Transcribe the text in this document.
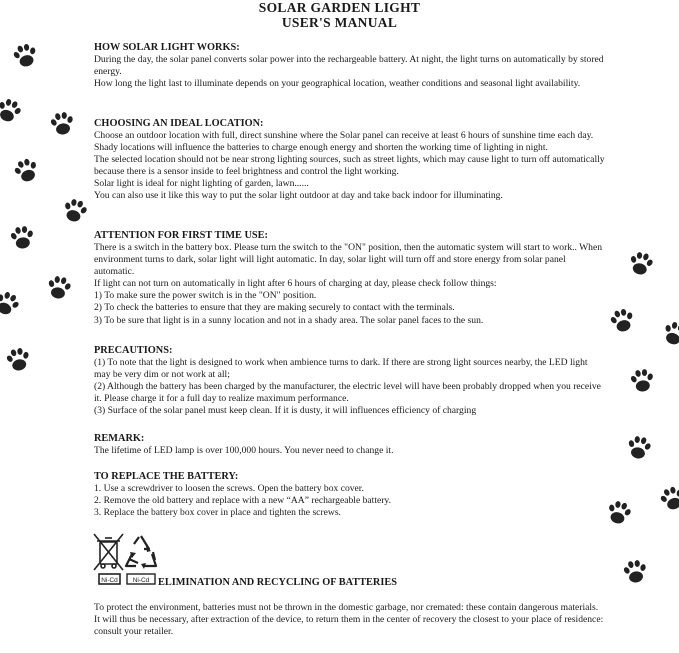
SOLAR GARDEN LIGHT
USER'S MANUAL
HOW SOLAR LIGHT WORKS:

During the day, the solar panel converts solar power into the rechargeable battery. At night, the light turns on automatically by stored energy.

How long the light last to illuminate depends on your geographical location, weather conditions and seasonal light availability.

CHOOSING AN IDEAL LOCATION:

Choose an outdoor location with full, direct sunshine where the Solar panel can receive at least 6 hours of sunshine time each day. Shady locations will influence the batteries to charge enough energy and shorten the working time of lighting in night.

The selected location should not be near strong lighting sources, such as street lights, which may cause light to turn off automatically because there is a sensor inside to feel brightness and control the light working.

Solar light is ideal for night lighting of garden, lawn......

You can also use it like this way to put the solar light outdoor at day and take back indoor for illuminating.

ATTENTION FOR FIRST TIME USE:

There is a switch in the battery box. Please turn the switch to the "ON" position, then the automatic system will start to work.. When environment turns to dark, solar light will light automatic. In day, solar light will turn off and store energy from solar panel automatic.

If light can not turn on automatically in light after 6 hours of charging at day, please check follow things:

1) To make sure the power switch is in the "ON" position.

2) To check the batteries to ensure that they are making securely to contact with the terminals.

3) To be sure that light is in a sunny location and not in a shady area. The solar panel faces to the sun.

PRECAUTIONS:

(1) To note that the light is designed to work when ambience turns to dark. If there are strong light sources nearby, the LED light may be very dim or not work at all;

(2) Although the battery has been charged by the manufacturer, the electric level will have been probably dropped when you receive it. Please charge it for a full day to realize maximum performance.

(3) Surface of the solar panel must keep clean. If it is dusty, it will influences efficiency of charging

REMARK:

The lifetime of LED lamp is over 100,000 hours. You never need to change it.

TO REPLACE THE BATTERY:

1. Use a screwdriver to loosen the screws. Open the battery box cover.

2. Remove the old battery and replace with a new “AA” rechargeable battery.

3. Replace the battery box cover in place and tighten the screws.

Ni-Cd Ni-Cd ELIMINATION AND RECYCLING OF BATTERIES

To protect the environment, batteries must not be thrown in the domestic garbage, nor cremated: these contain dangerous materials.

It will thus be necessary, after extraction of the device, to return them in the center of recovery the closest to your place of residence: consult your retailer.
